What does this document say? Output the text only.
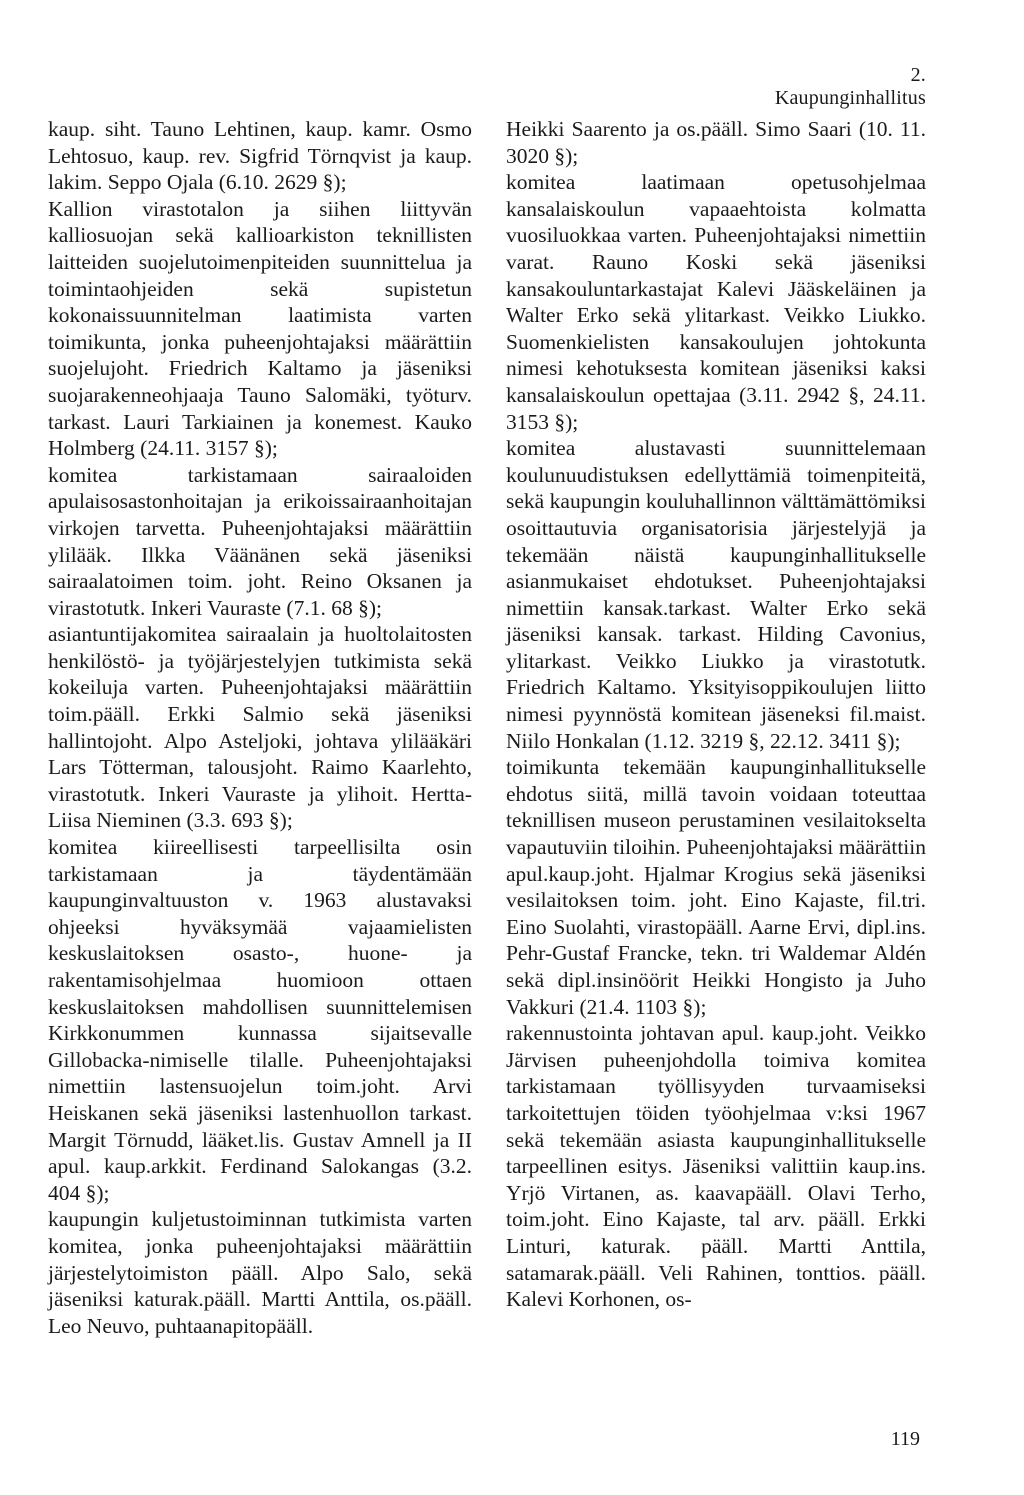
2. Kaupunginhallitus

kaup. siht. Tauno Lehtinen, kaup. kamr. Osmo Lehtosuo, kaup. rev. Sigfrid Törnqvist ja kaup. lakim. Seppo Ojala (6.10. 2629 §);

Kallion virastotalon ja siihen liittyvän kalliosuojan sekä kallioarkiston teknillisten laitteiden suojelutoimenpiteiden suunnittelua ja toimintaohjeiden sekä supistetun kokonaissuunnitelman laatimista varten toimikunta, jonka puheenjohtajaksi määrättiin suojelujoht. Friedrich Kaltamo ja jäseniksi suojarakenneohjaaja Tauno Salomäki, työturv. tarkast. Lauri Tarkiainen ja konemest. Kauko Holmberg (24.11. 3157 §);

komitea tarkistamaan sairaaloiden apulaisosastonhoitajan ja erikoissairaanhoitajan virkojen tarvetta. Puheenjohtajaksi määrättiin ylilääk. Ilkka Väänänen sekä jäseniksi sairaalatoimen toim. joht. Reino Oksanen ja virastotutk. Inkeri Vauraste (7.1. 68 §);

asiantuntijakomitea sairaalain ja huoltolaitosten henkilöstö- ja työjärjestelyjen tutkimista sekä kokeiluja varten. Puheenjohtajaksi määrättiin toim.pääll. Erkki Salmio sekä jäseniksi hallintojoht. Alpo Asteljoki, johtava ylilääkäri Lars Tötterman, talousjoht. Raimo Kaarlehto, virastotutk. Inkeri Vauraste ja ylihoit. Hertta-Liisa Nieminen (3.3. 693 §);

komitea kiireellisesti tarpeellisilta osin tarkistamaan ja täydentämään kaupunginvaltuuston v. 1963 alustavaksi ohjeeksi hyväksymää vajaamielisten keskuslaitoksen osasto-, huone- ja rakentamisohjelmaa huomioon ottaen keskuslaitoksen mahdollisen suunnittelemisen Kirkkonummen kunnassa sijaitsevalle Gillobacka-nimiselle tilalle. Puheenjohtajaksi nimettiin lastensuojelun toim.joht. Arvi Heiskanen sekä jäseniksi lastenhuollon tarkast. Margit Törnudd, lääket.lis. Gustav Amnell ja II apul. kaup.arkkit. Ferdinand Salokangas (3.2. 404 §);

kaupungin kuljetustoiminnan tutkimista varten komitea, jonka puheenjohtajaksi määrättiin järjestelytoimiston pääll. Alpo Salo, sekä jäseniksi katurak.pääll. Martti Anttila, os.pääll. Leo Neuvo, puhtaanapitopääll.

Heikki Saarento ja os.pääll. Simo Saari (10. 11. 3020 §);

komitea laatimaan opetusohjelmaa kansalaiskoulun vapaaehtoista kolmatta vuosiluokkaa varten. Puheenjohtajaksi nimettiin varat. Rauno Koski sekä jäseniksi kansakouluntarkastajat Kalevi Jääskeläinen ja Walter Erko sekä ylitarkast. Veikko Liukko. Suomenkielisten kansakoulujen johtokunta nimesi kehotuksesta komitean jäseniksi kaksi kansalaiskoulun opettajaa (3.11. 2942 §, 24.11. 3153 §);

komitea alustavasti suunnittelemaan koulunuudistuksen edellyttämiä toimenpiteitä, sekä kaupungin kouluhallinnon välttämättömiksi osoittautuvia organisatorisia järjestelyjä ja tekemään näistä kaupunginhallitukselle asianmukaiset ehdotukset. Puheenjohtajaksi nimettiin kansak.tarkast. Walter Erko sekä jäseniksi kansak. tarkast. Hilding Cavonius, ylitarkast. Veikko Liukko ja virastotutk. Friedrich Kaltamo. Yksityisoppikoulujen liitto nimesi pyynnöstä komitean jäseneksi fil.maist. Niilo Honkalan (1.12. 3219 §, 22.12. 3411 §);

toimikunta tekemään kaupunginhallitukselle ehdotus siitä, millä tavoin voidaan toteuttaa teknillisen museon perustaminen vesilaitokselta vapautuviin tiloihin. Puheenjohtajaksi määrättiin apul.kaup.joht. Hjalmar Krogius sekä jäseniksi vesilaitoksen toim. joht. Eino Kajaste, fil.tri. Eino Suolahti, virastopääll. Aarne Ervi, dipl.ins. Pehr-Gustaf Francke, tekn. tri Waldemar Aldén sekä dipl.insinöörit Heikki Hongisto ja Juho Vakkuri (21.4. 1103 §);

rakennustointa johtavan apul. kaup.joht. Veikko Järvisen puheenjohdolla toimiva komitea tarkistamaan työllisyyden turvaamiseksi tarkoitettujen töiden työohjelmaa v:ksi 1967 sekä tekemään asiasta kaupunginhallitukselle tarpeellinen esitys. Jäseniksi valittiin kaup.ins. Yrjö Virtanen, as. kaavapääll. Olavi Terho, toim.joht. Eino Kajaste, tal arv. pääll. Erkki Linturi, katurak. pääll. Martti Anttila, satamarak.pääll. Veli Rahinen, tonttios. pääll. Kalevi Korhonen, os-

119
